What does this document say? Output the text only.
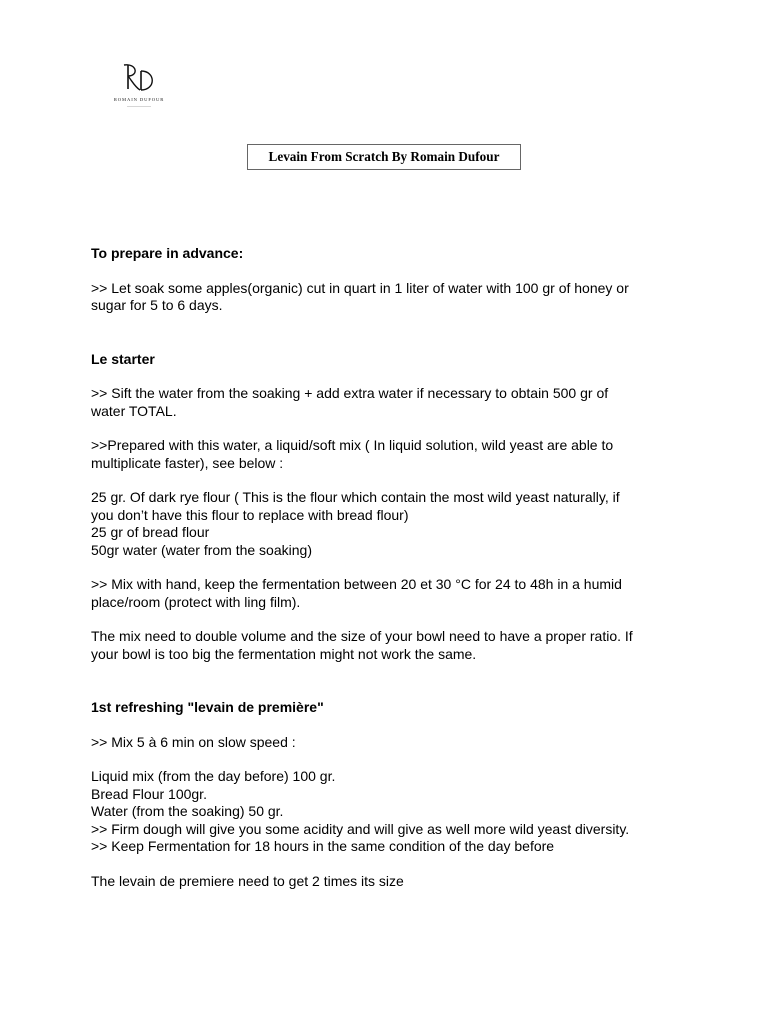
ROMAIN DUFOUR
Levain From Scratch By Romain Dufour

To prepare in advance:

>> Let soak some apples(organic) cut in quart in 1 liter of water with 100 gr of honey or

sugar for 5 to 6 days.

Le starter

>> Sift the water from the soaking + add extra water if necessary to obtain 500 gr of

water TOTAL.

>>Prepared with this water, a liquid/soft mix ( In liquid solution, wild yeast are able to

multiplicate faster), see below :

25 gr. Of dark rye flour ( This is the flour which contain the most wild yeast naturally, if

you don’t have this flour to replace with bread flour)

25 gr of bread flour

50gr water (water from the soaking)

>> Mix with hand, keep the fermentation between 20 et 30 °C for 24 to 48h in a humid

place/room (protect with ling film).

The mix need to double volume and the size of your bowl need to have a proper ratio. If

your bowl is too big the fermentation might not work the same.

1st refreshing "levain de première"

>> Mix 5 à 6 min on slow speed :

Liquid mix (from the day before) 100 gr.

Bread Flour 100gr.

Water (from the soaking) 50 gr.

>> Firm dough will give you some acidity and will give as well more wild yeast diversity.

>> Keep Fermentation for 18 hours in the same condition of the day before

The levain de premiere need to get 2 times its size
